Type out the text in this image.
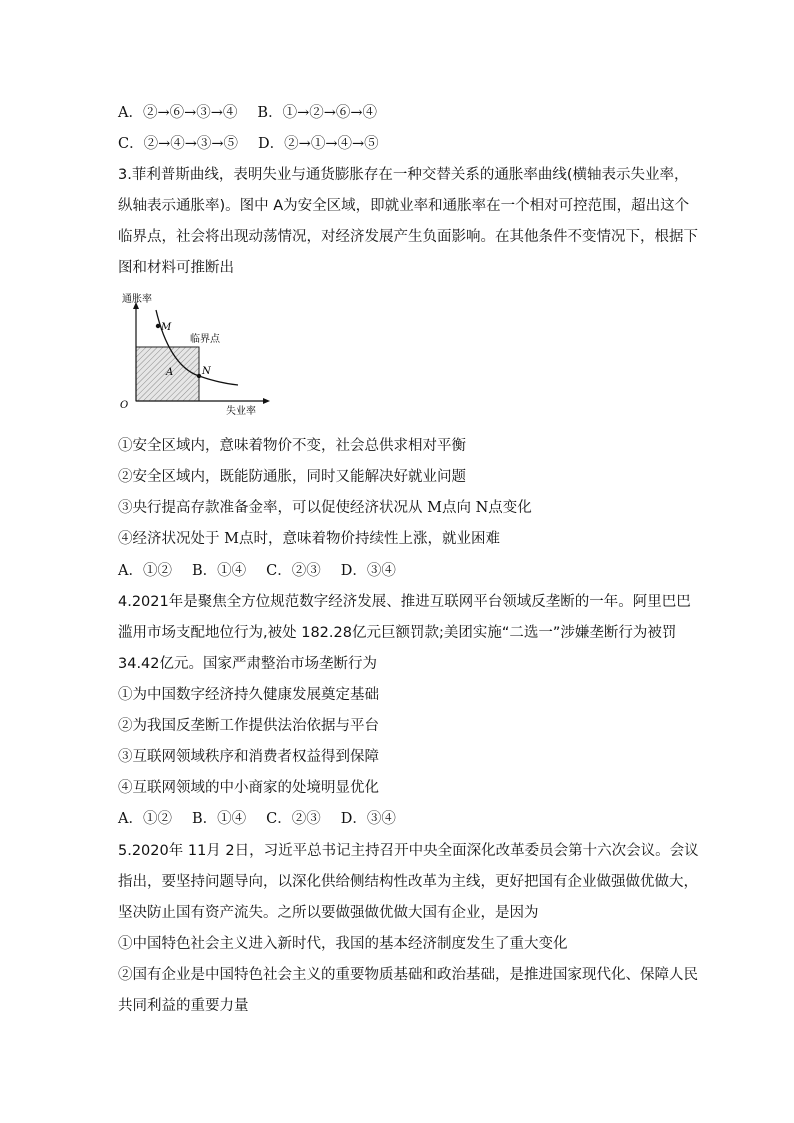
A．②→⑥→③→④ B．①→②→⑥→④
C．②→④→③→⑤ D．②→①→④→⑤
3.菲利普斯曲线，表明失业与通货膨胀存在一种交替关系的通胀率曲线(横轴表示失业率，
纵轴表示通胀率)。图中 A为安全区域，即就业率和通胀率在一个相对可控范围，超出这个
临界点，社会将出现动荡情况，对经济发展产生负面影响。在其他条件不变情况下，根据下
图和材料可推断出
通胀率
失业率
O
M
N
临界点
A
①安全区域内，意味着物价不变，社会总供求相对平衡
②安全区域内，既能防通胀，同时又能解决好就业问题
③央行提高存款准备金率，可以促使经济状况从 M点向 N点变化
④经济状况处于 M点时，意味着物价持续性上涨，就业困难
A．①② B．①④ C．②③ D．③④
4.2021年是聚焦全方位规范数字经济发展、推进互联网平台领域反垄断的一年。阿里巴巴
滥用市场支配地位行为,被处 182.28亿元巨额罚款;美团实施“二选一”涉嫌垄断行为被罚
34.42亿元。国家严肃整治市场垄断行为
①为中国数字经济持久健康发展奠定基础
②为我国反垄断工作提供法治依据与平台
③互联网领域秩序和消费者权益得到保障
④互联网领域的中小商家的处境明显优化
A．①② B．①④ C．②③ D．③④
5.2020年 11月 2日，习近平总书记主持召开中央全面深化改革委员会第十六次会议。会议
指出，要坚持问题导向，以深化供给侧结构性改革为主线，更好把国有企业做强做优做大，
坚决防止国有资产流失。之所以要做强做优做大国有企业，是因为
①中国特色社会主义进入新时代，我国的基本经济制度发生了重大变化
②国有企业是中国特色社会主义的重要物质基础和政治基础，是推进国家现代化、保障人民
共同利益的重要力量
